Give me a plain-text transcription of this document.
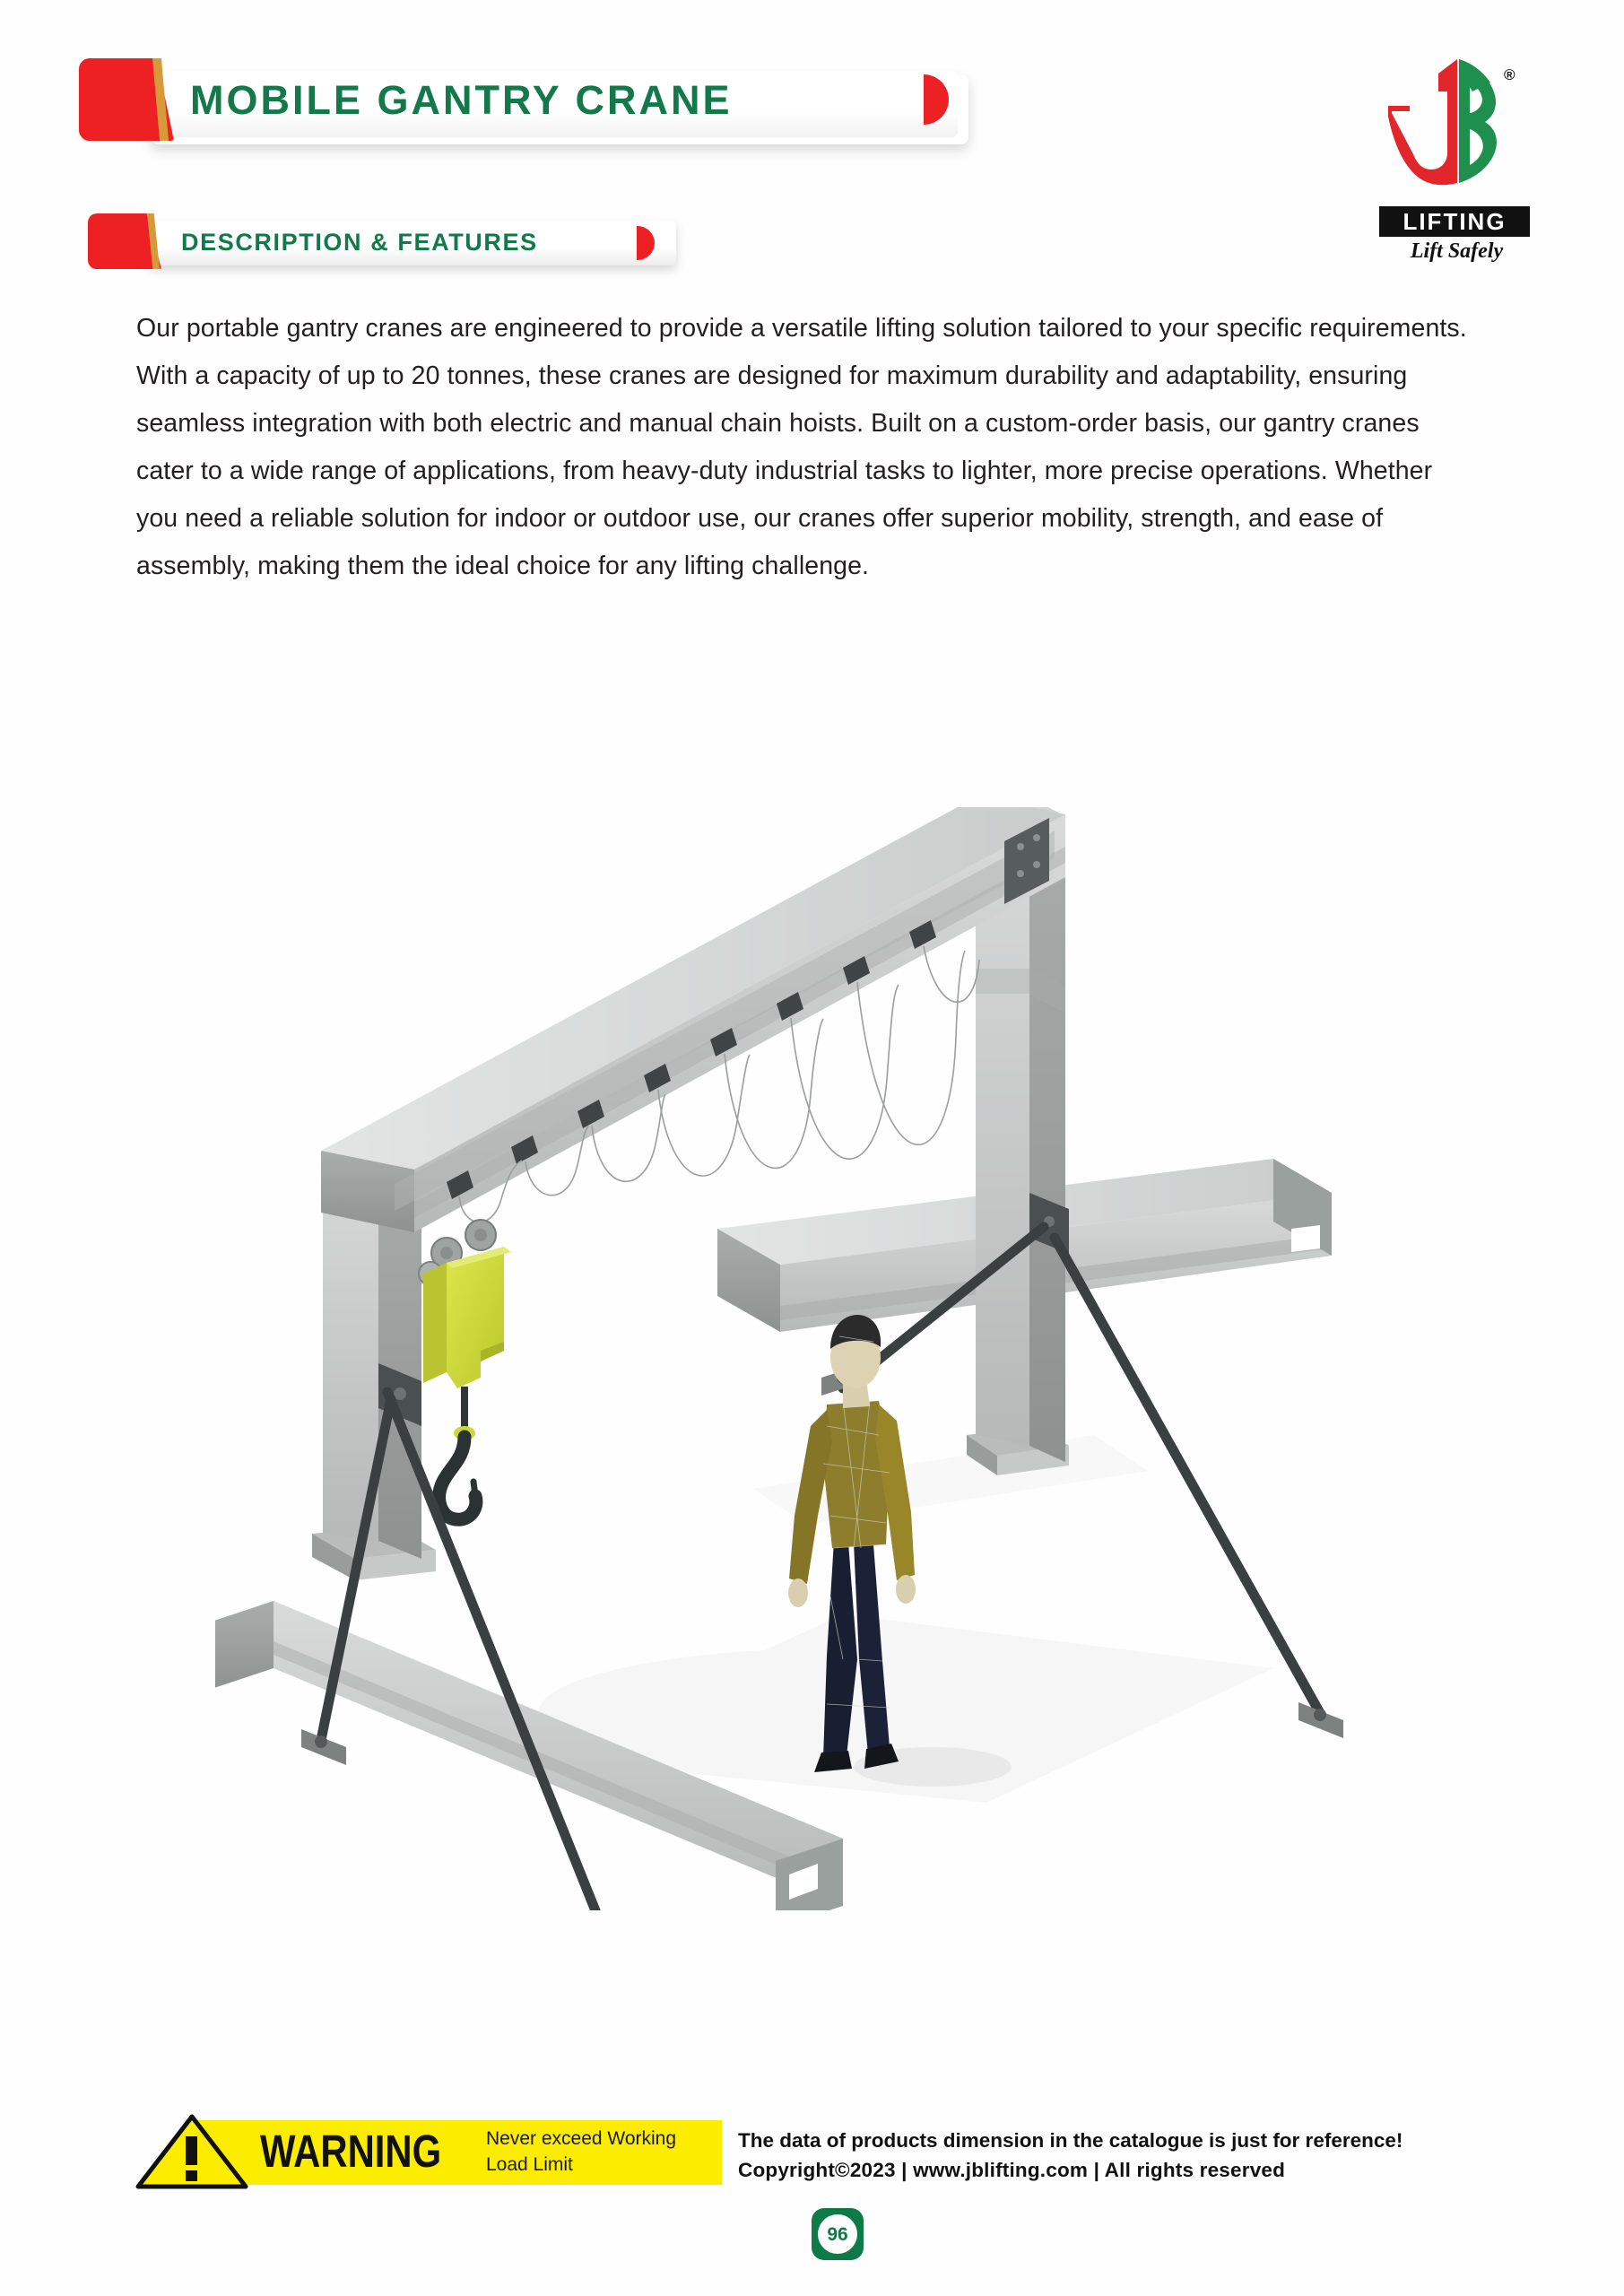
MOBILE GANTRY CRANE
DESCRIPTION & FEATURES
®
LIFTING
Lift Safely
Our portable gantry cranes are engineered to provide a versatile lifting solution tailored to your specific requirements. With a capacity of up to 20 tonnes, these cranes are designed for maximum durability and adaptability, ensuring seamless integration with both electric and manual chain hoists. Built on a custom-order basis, our gantry cranes cater to a wide range of applications, from heavy-duty industrial tasks to lighter, more precise operations. Whether you need a reliable solution for indoor or outdoor use, our cranes offer superior mobility, strength, and ease of assembly, making them the ideal choice for any lifting challenge.
WARNING Never exceed Working Load Limit
The data of products dimension in the catalogue is just for reference!
Copyright©2023 | www.jblifting.com | All rights reserved
96
